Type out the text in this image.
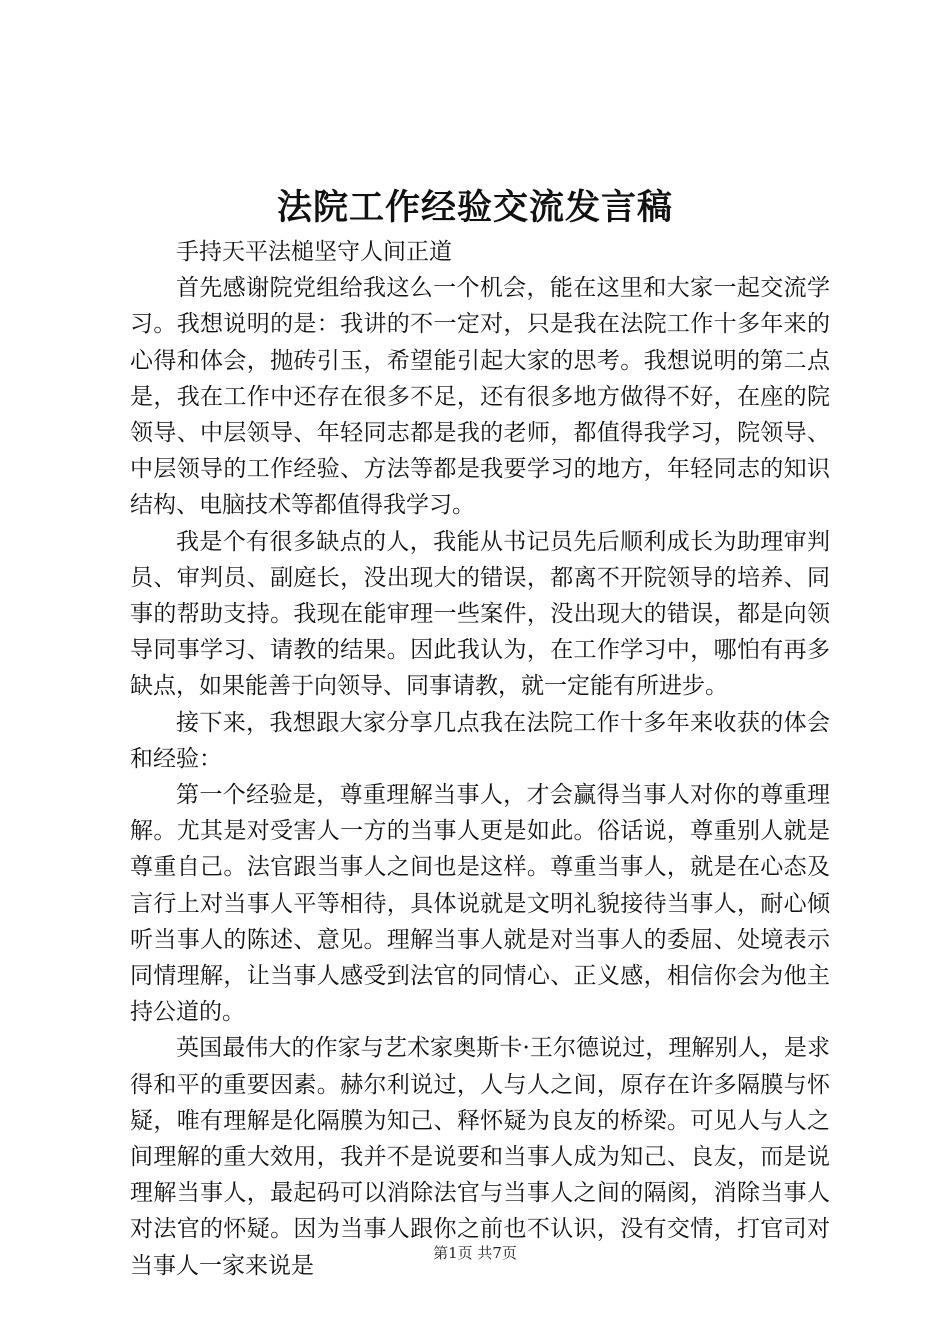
法院工作经验交流发言稿

手持天平法槌坚守人间正道

首先感谢院党组给我这么一个机会，能在这里和大家一起交流学习。我想说明的是：我讲的不一定对，只是我在法院工作十多年来的心得和体会，抛砖引玉，希望能引起大家的思考。我想说明的第二点是，我在工作中还存在很多不足，还有很多地方做得不好，在座的院领导、中层领导、年轻同志都是我的老师，都值得我学习，院领导、中层领导的工作经验、方法等都是我要学习的地方，年轻同志的知识结构、电脑技术等都值得我学习。

我是个有很多缺点的人，我能从书记员先后顺利成长为助理审判员、审判员、副庭长，没出现大的错误，都离不开院领导的培养、同事的帮助支持。我现在能审理一些案件，没出现大的错误，都是向领导同事学习、请教的结果。因此我认为，在工作学习中，哪怕有再多缺点，如果能善于向领导、同事请教，就一定能有所进步。

接下来，我想跟大家分享几点我在法院工作十多年来收获的体会和经验：

第一个经验是，尊重理解当事人，才会赢得当事人对你的尊重理解。尤其是对受害人一方的当事人更是如此。俗话说，尊重别人就是尊重自己。法官跟当事人之间也是这样。尊重当事人，就是在心态及言行上对当事人平等相待，具体说就是文明礼貌接待当事人，耐心倾听当事人的陈述、意见。理解当事人就是对当事人的委屈、处境表示同情理解，让当事人感受到法官的同情心、正义感，相信你会为他主持公道的。

英国最伟大的作家与艺术家奥斯卡·王尔德说过，理解别人，是求得和平的重要因素。赫尔利说过，人与人之间，原存在许多隔膜与怀疑，唯有理解是化隔膜为知己、释怀疑为良友的桥梁。可见人与人之间理解的重大效用，我并不是说要和当事人成为知己、良友，而是说理解当事人，最起码可以消除法官与当事人之间的隔阂，消除当事人对法官的怀疑。因为当事人跟你之前也不认识，没有交情，打官司对当事人一家来说是	第1页 共7页
